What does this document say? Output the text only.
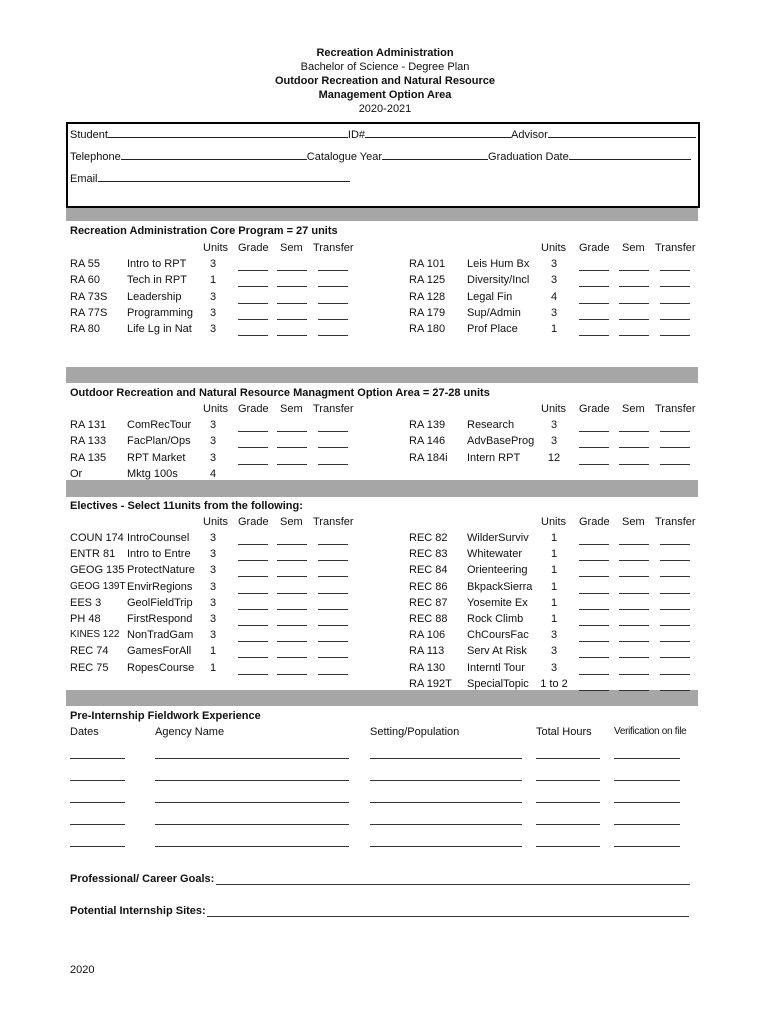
Recreation Administration
Bachelor of Science - Degree Plan
Outdoor Recreation and Natural Resource
Management Option Area
2020-2021
Student	ID#	Advisor
Telephone	Catalogue Year	Graduation Date
Email
Recreation Administration Core Program = 27 units
Outdoor Recreation and Natural Resource Managment Option Area = 27-28 units
Electives - Select 11units from the following:
Pre-Internship Fieldwork Experience
Units Grade Sem Transfer	Units Grade Sem Transfer
RA 55 Intro to RPT	3
RA 60 Tech in RPT	1
RA 73S Leadership	3
RA 77S Programming	3
RA 80 Life Lg in Nat	3
RA 101 Leis Hum Bx	3
RA 125 Diversity/Incl	3
RA 128 Legal Fin	4
RA 179 Sup/Admin	3
RA 180 Prof Place	1
Units Grade Sem Transfer	Units Grade Sem Transfer
RA 131 ComRecTour	3
RA 133 FacPlan/Ops	3
RA 135 RPT Market	3
Or	Mktg 100s	4
RA 139 Research	3
RA 146 AdvBaseProg	3
RA 184i Intern RPT	12
Units Grade Sem Transfer	Units Grade Sem Transfer
COUN 174 IntroCounsel	3
ENTR 81 Intro to Entre	3
GEOG 135 ProtectNature	3
GEOG 139T EnvirRegions	3
EES 3 GeolFieldTrip	3
PH 48 FirstRespond	3
KINES 122 NonTradGam	3
REC 74 GamesForAll	1
REC 75 RopesCourse	1
REC 82 WilderSurviv	1
REC 83 Whitewater	1
REC 84 Orienteering	1
REC 86 BkpackSierra	1
REC 87 Yosemite Ex	1
REC 88 Rock Climb	1
RA 106 ChCoursFac	3
RA 113 Serv At Risk	3
RA 130 Interntl Tour	3
RA 192T SpecialTopic	1 to 2
Dates	Agency Name	Setting/Population	Total Hours Verification on file
Professional/ Career Goals:
Potential Internship Sites:
2020
